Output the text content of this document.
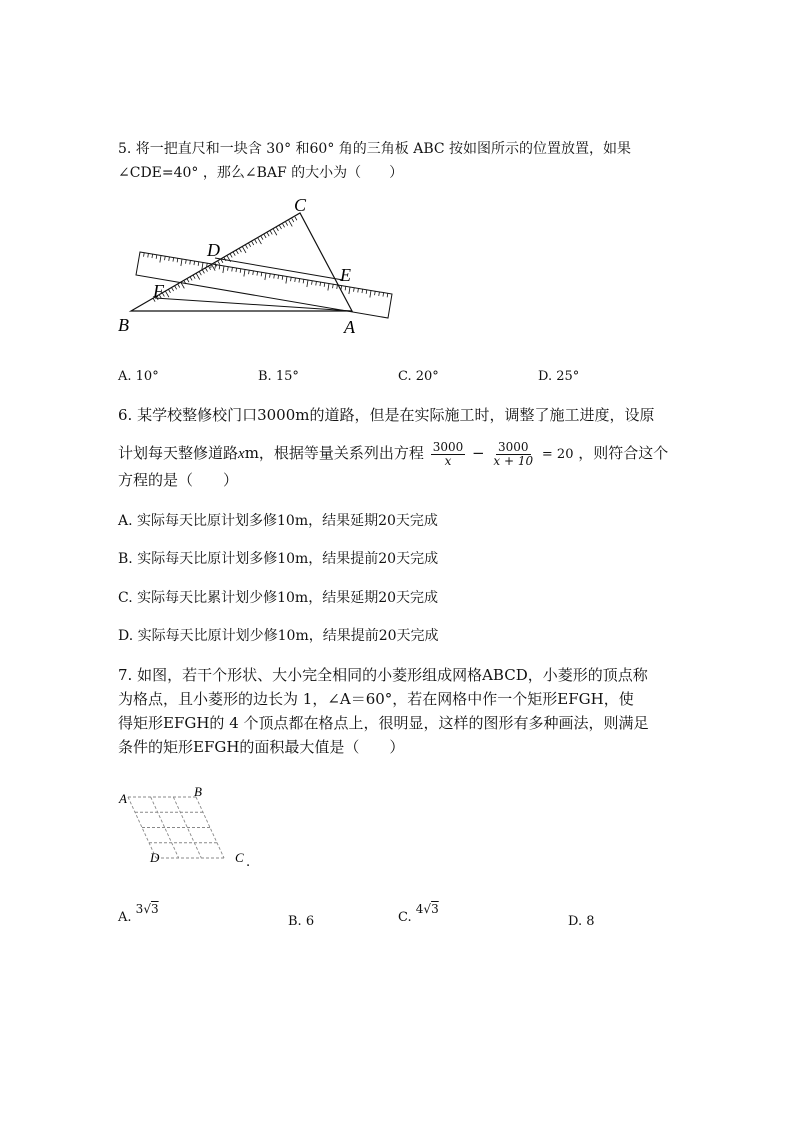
5. 将一把直尺和一块含 30° 和60° 角的三角板 ABC 按如图所示的位置放置，如果
∠CDE=40° ，那么∠BAF 的大小为（　　）
B	A
C
D
E
F
A. 10°	B. 15°	C. 20°	D. 25°
6. 某学校整修校门口3000m的道路，但是在实际施工时，调整了施工进度，设原
计划每天整修道路xm，根据等量关系列出方程 $\frac{3000}{x} - \frac{3000}{x + 10} = 20$ ，则符合这个
方程的是（　　）
A. 实际每天比原计划多修10m，结果延期20天完成
B. 实际每天比原计划多修10m，结果提前20天完成
C. 实际每天比累计划少修10m，结果延期20天完成
D. 实际每天比原计划少修10m，结果提前20天完成
7. 如图，若干个形状、大小完全相同的小菱形组成网格ABCD，小菱形的顶点称
为格点，且小菱形的边长为 1，∠A＝60°，若在网格中作一个矩形EFGH，使
得矩形EFGH的 4 个顶点都在格点上，很明显，这样的图形有多种画法，则满足
条件的矩形EFGH的面积最大值是（　　）
A	B
D	C .
A. 3√3
B. 6	C. 4√3
D. 8
